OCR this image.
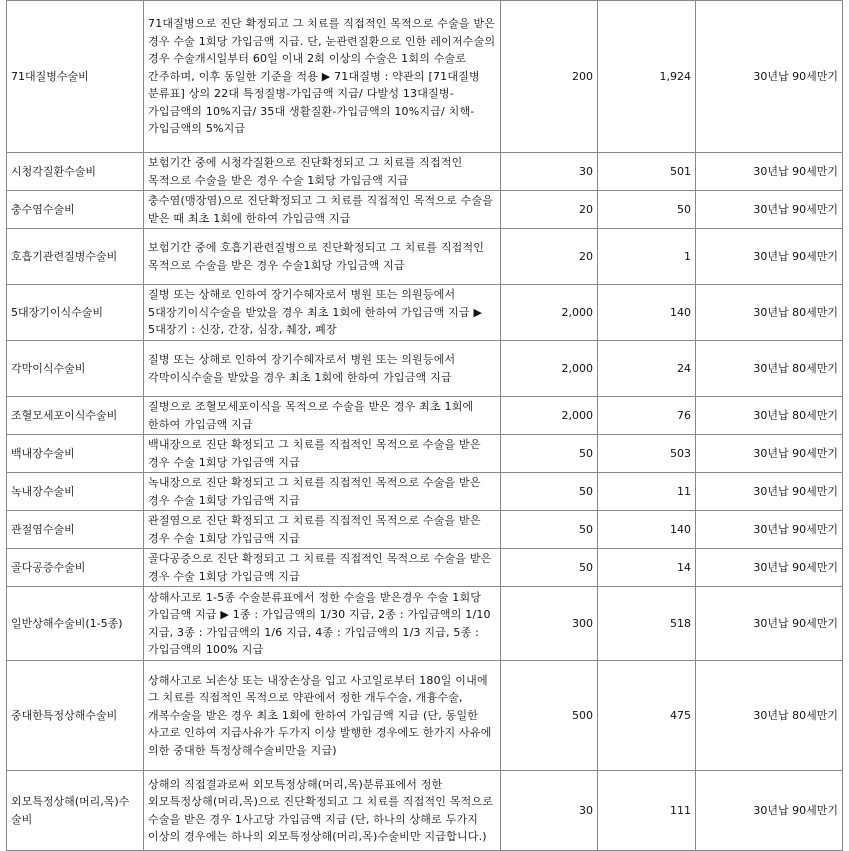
71대질병수술비	71대질병으로 진단 확정되고 그 치료를 직접적인 목적으로 수술을 받은 경우 수술 1회당 가입금액 지급. 단, 눈관련질환으로 인한 레이저수술의 경우 수술개시일부터 60일 이내 2회 이상의 수술은 1회의 수술로 간주하며, 이후 동일한 기준을 적용 ▶ 71대질병 : 약관의 [71대질병 분류표] 상의 22대 특정질병-가입금액 지급/ 다발성 13대질병-가입금액의 10%지급/ 35대 생활질환-가입금액의 10%지급/ 치핵-가입금액의 5%지급	200	1,924	30년납 90세만기
시청각질환수술비	보험기간 중에 시청각질환으로 진단확정되고 그 치료를 직접적인 목적으로 수술을 받은 경우 수술 1회당 가입금액 지급	30	501	30년납 90세만기
충수염수술비	충수염(맹장염)으로 진단확정되고 그 치료를 직접적인 목적으로 수술을 받은 때 최초 1회에 한하여 가입금액 지급	20	50	30년납 90세만기
호흡기관련질병수술비	보험기간 중에 호흡기관련질병으로 진단확정되고 그 치료를 직접적인 목적으로 수술을 받은 경우 수술1회당 가입금액 지급	20	1	30년납 90세만기
5대장기이식수술비	질병 또는 상해로 인하여 장기수혜자로서 병원 또는 의원등에서 5대장기이식수술을 받았을 경우 최초 1회에 한하여 가입금액 지급 ▶ 5대장기 : 신장, 간장, 심장, 췌장, 폐장	2,000	140	30년납 80세만기
각막이식수술비	질병 또는 상해로 인하여 장기수혜자로서 병원 또는 의원등에서 각막이식수술을 받았을 경우 최초 1회에 한하여 가입금액 지급	2,000	24	30년납 80세만기
조혈모세포이식수술비	질병으로 조혈모세포이식을 목적으로 수술을 받은 경우 최초 1회에 한하여 가입금액 지급	2,000	76	30년납 80세만기
백내장수술비	백내장으로 진단 확정되고 그 치료를 직접적인 목적으로 수술을 받은 경우 수술 1회당 가입금액 지급	50	503	30년납 90세만기
녹내장수술비	녹내장으로 진단 확정되고 그 치료를 직접적인 목적으로 수술을 받은 경우 수술 1회당 가입금액 지급	50	11	30년납 90세만기
관절염수술비	관절염으로 진단 확정되고 그 치료를 직접적인 목적으로 수술을 받은 경우 수술 1회당 가입금액 지급	50	140	30년납 90세만기
골다공증수술비	골다공증으로 진단 확정되고 그 치료를 직접적인 목적으로 수술을 받은 경우 수술 1회당 가입금액 지급	50	14	30년납 90세만기
일반상해수술비(1-5종)	상해사고로 1-5종 수술분류표에서 정한 수술을 받은경우 수술 1회당 가입금액 지급 ▶ 1종 : 가입금액의 1/30 지급, 2종 : 가입금액의 1/10 지급, 3종 : 가입금액의 1/6 지급, 4종 : 가입금액의 1/3 지급, 5종 : 가입금액의 100% 지급	300	518	30년납 90세만기
중대한특정상해수술비	상해사고로 뇌손상 또는 내장손상을 입고 사고일로부터 180일 이내에 그 치료를 직접적인 목적으로 약관에서 정한 개두수술, 개흉수술, 개복수술을 받은 경우 최초 1회에 한하여 가입금액 지급 (단, 동일한 사고로 인하여 지급사유가 두가지 이상 발행한 경우에도 한가지 사유에 의한 중대한 특정상해수술비만을 지급)	500	475	30년납 80세만기
외모특정상해(머리,목)수술비	상해의 직접결과로써 외모특정상해(머리,목)분류표에서 정한 외모특정상해(머리,목)으로 진단확정되고 그 치료를 직접적인 목적으로 수술을 받은 경우 1사고당 가입금액 지급 (단, 하나의 상해로 두가지 이상의 경우에는 하나의 외모특정상해(머리,목)수술비만 지급합니다.)	30	111	30년납 90세만기
